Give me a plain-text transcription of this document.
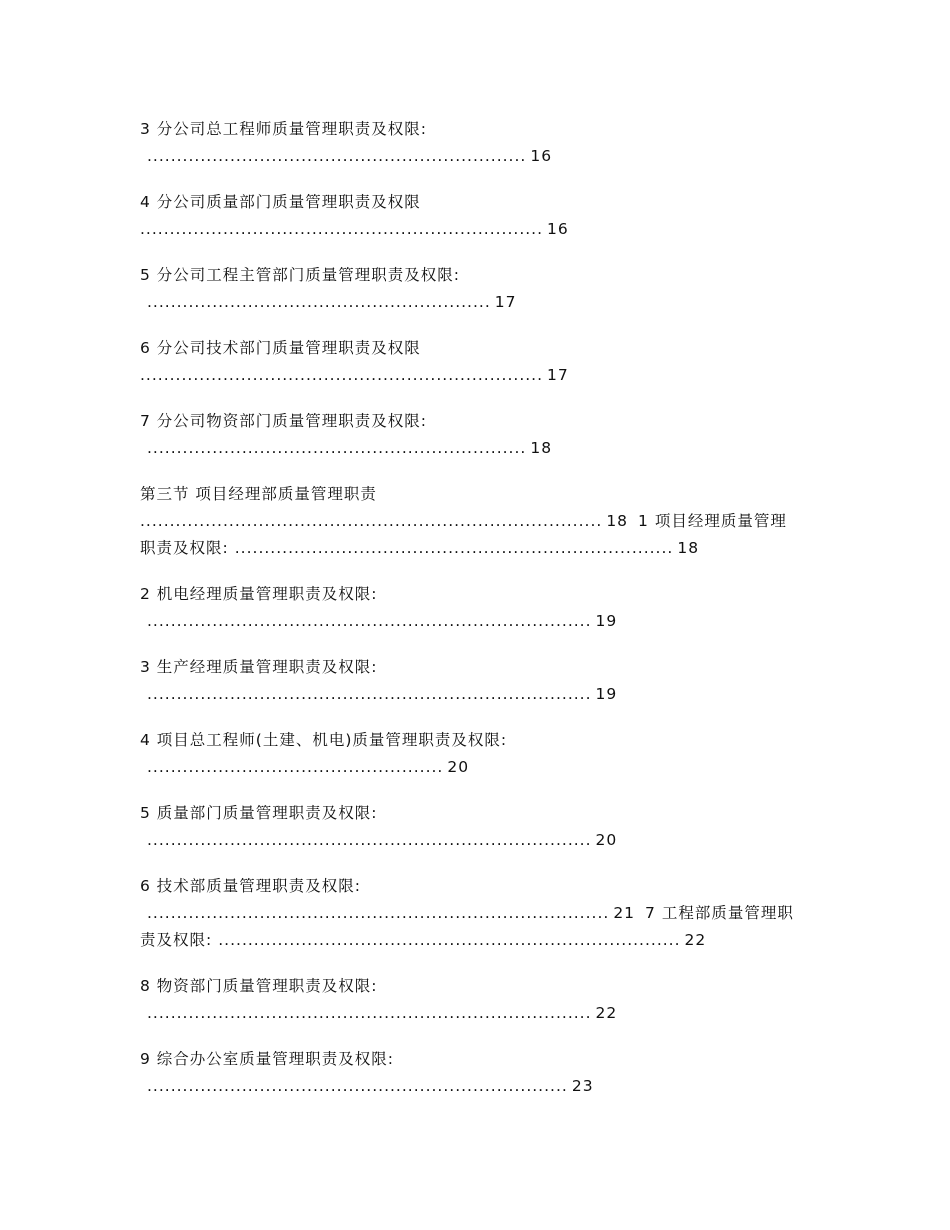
3 分公司总工程师质量管理职责及权限:
................................................................ 16
4 分公司质量部门质量管理职责及权限
.................................................................... 16
5 分公司工程主管部门质量管理职责及权限:
.......................................................... 17
6 分公司技术部门质量管理职责及权限
.................................................................... 17
7 分公司物资部门质量管理职责及权限:
................................................................ 18
第三节 项目经理部质量管理职责
.............................................................................. 18 1 项目经理质量管理
职责及权限: .......................................................................... 18
2 机电经理质量管理职责及权限:
........................................................................... 19
3 生产经理质量管理职责及权限:
........................................................................... 19
4 项目总工程师(土建、机电)质量管理职责及权限:
.................................................. 20
5 质量部门质量管理职责及权限:
........................................................................... 20
6 技术部质量管理职责及权限:
.............................................................................. 21 7 工程部质量管理职
责及权限: .............................................................................. 22
8 物资部门质量管理职责及权限:
........................................................................... 22
9 综合办公室质量管理职责及权限:
....................................................................... 23
